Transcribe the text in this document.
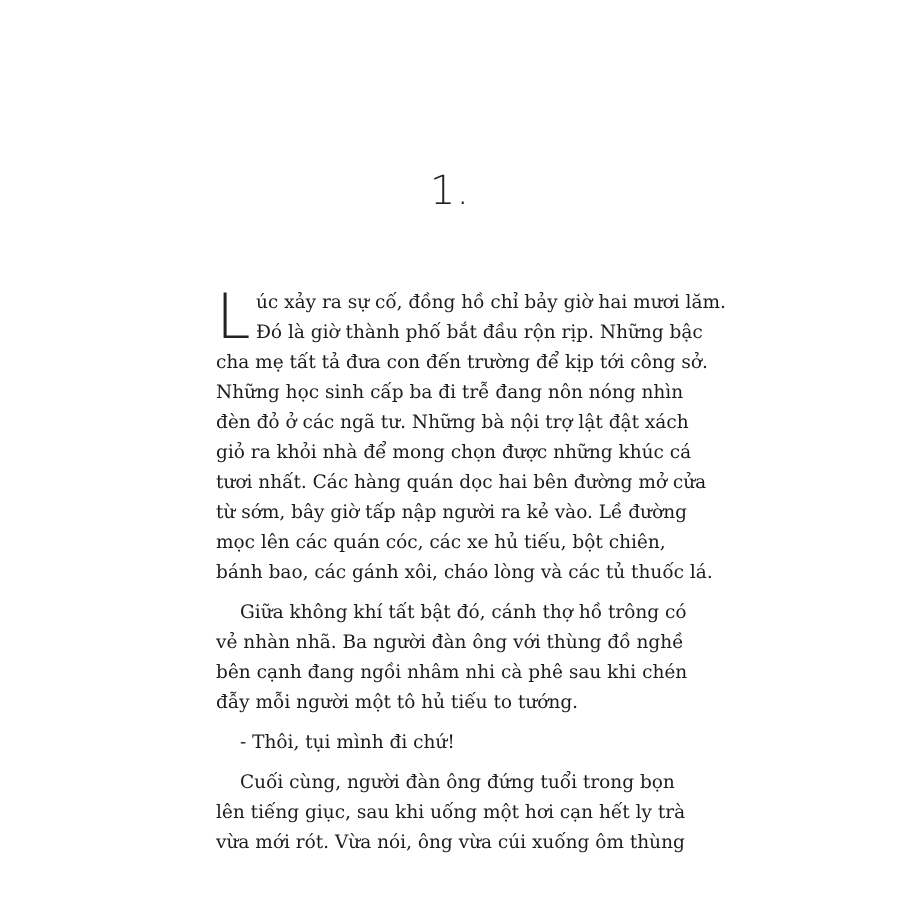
1.
L úc xảy ra sự cố, đồng hồ chỉ bảy giờ hai mươi lăm.
Đó là giờ thành phố bắt đầu rộn rịp. Những bậc
cha mẹ tất tả đưa con đến trường để kịp tới công sở.
Những học sinh cấp ba đi trễ đang nôn nóng nhìn
đèn đỏ ở các ngã tư. Những bà nội trợ lật đật xách
giỏ ra khỏi nhà để mong chọn được những khúc cá
tươi nhất. Các hàng quán dọc hai bên đường mở cửa
từ sớm, bây giờ tấp nập người ra kẻ vào. Lề đường
mọc lên các quán cóc, các xe hủ tiếu, bột chiên,
bánh bao, các gánh xôi, cháo lòng và các tủ thuốc lá.
Giữa không khí tất bật đó, cánh thợ hồ trông có
vẻ nhàn nhã. Ba người đàn ông với thùng đồ nghề
bên cạnh đang ngồi nhâm nhi cà phê sau khi chén
đẫy mỗi người một tô hủ tiếu to tướng.
- Thôi, tụi mình đi chứ!
Cuối cùng, người đàn ông đứng tuổi trong bọn
lên tiếng giục, sau khi uống một hơi cạn hết ly trà
vừa mới rót. Vừa nói, ông vừa cúi xuống ôm thùng
